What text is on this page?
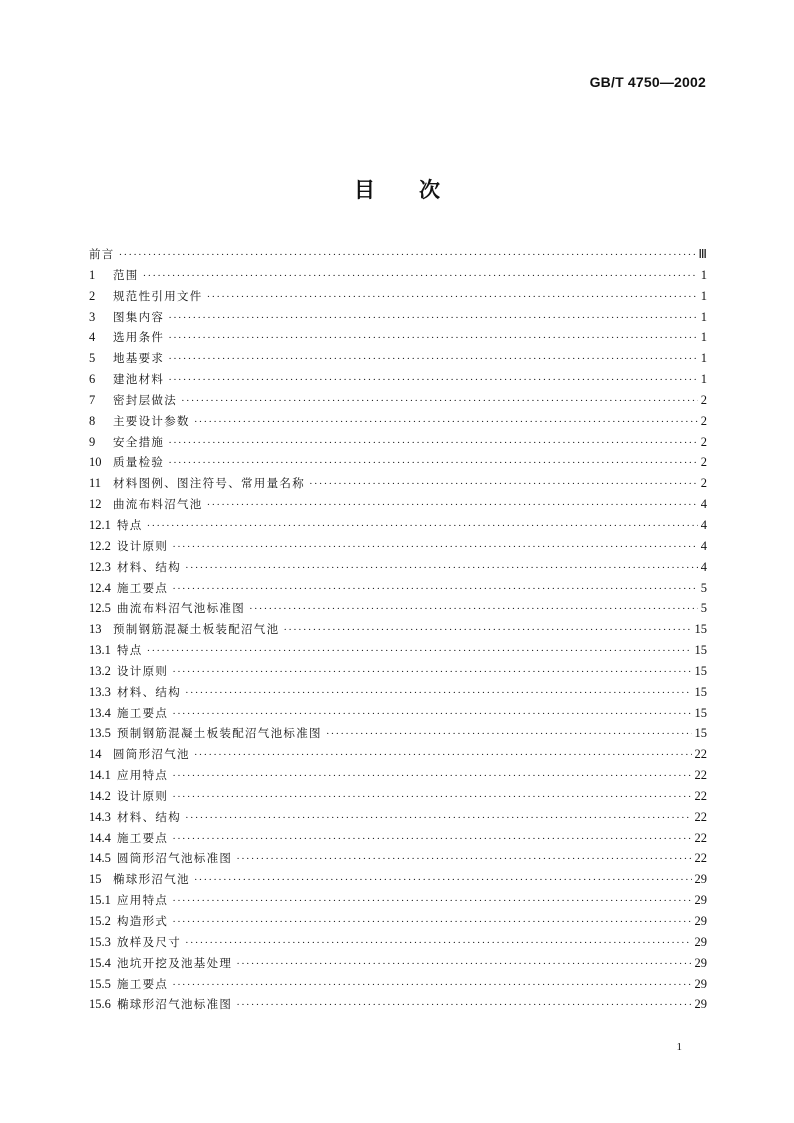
GB/T 4750—2002
目 次
前言 ·····	Ⅲ
1	范围 ·····	1
2	规范性引用文件 ·····	1
3	图集内容 ·····	1
4	选用条件 ·····	1
5	地基要求 ·····	1
6	建池材料 ·····	1
7	密封层做法 ·····	2
8	主要设计参数 ·····	2
9	安全措施 ·····	2
10	质量检验 ·····	2
11	材料图例、图注符号、常用量名称 ·····	2
12	曲流布料沼气池 ·····	4
12.1 特点 ·····	4
12.2 设计原则 ·····	4
12.3 材料、结构 ·····	4
12.4 施工要点 ·····	5
12.5 曲流布料沼气池标准图 ·····	5
13	预制钢筋混凝土板装配沼气池 ·····	15
13.1 特点 ·····	15
13.2 设计原则 ·····	15
13.3 材料、结构 ·····	15
13.4 施工要点 ·····	15
13.5 预制钢筋混凝土板装配沼气池标准图 ·····	15
14	圆筒形沼气池 ·····	22
14.1 应用特点 ·····	22
14.2 设计原则 ·····	22
14.3 材料、结构 ·····	22
14.4 施工要点 ·····	22
14.5 圆筒形沼气池标准图 ·····	22
15	椭球形沼气池 ·····	29
15.1 应用特点 ·····	29
15.2 构造形式 ·····	29
15.3 放样及尺寸 ·····	29
15.4 池坑开挖及池基处理 ·····	29
15.5 施工要点 ·····	29
15.6 椭球形沼气池标准图 ·····	29
1
